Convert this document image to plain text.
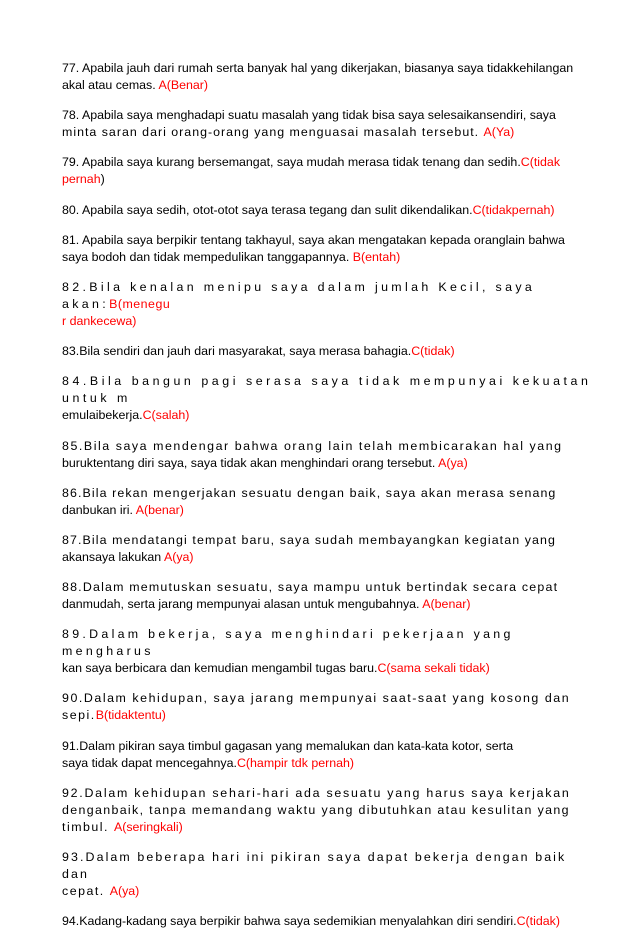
77. Apabila jauh dari rumah serta banyak hal yang dikerjakan, biasanya saya tidakkehilangan
akal atau cemas. A(Benar)
78. Apabila saya menghadapi suatu masalah yang tidak bisa saya selesaikansendiri, saya
minta saran dari orang-orang yang menguasai masalah tersebut. A(Ya)
79. Apabila saya kurang bersemangat, saya mudah merasa tidak tenang dan sedih.C(tidak
pernah)
80. Apabila saya sedih, otot-otot saya terasa tegang dan sulit dikendalikan.C(tidakpernah)
81. Apabila saya berpikir tentang takhayul, saya akan mengatakan kepada oranglain bahwa
saya bodoh dan tidak mempedulikan tanggapannya. B(entah)
82.Bila kenalan menipu saya dalam jumlah Kecil, saya akan:B(menegu
r dankecewa)
83.Bila sendiri dan jauh dari masyarakat, saya merasa bahagia.C(tidak)
84.Bila bangun pagi serasa saya tidak mempunyai kekuatan untuk m
emulaibekerja.C(salah)
85.Bila saya mendengar bahwa orang lain telah membicarakan hal yang
buruktentang diri saya, saya tidak akan menghindari orang tersebut. A(ya)
86.Bila rekan mengerjakan sesuatu dengan baik, saya akan merasa senang
danbukan iri. A(benar)
87.Bila mendatangi tempat baru, saya sudah membayangkan kegiatan yang
akansaya lakukan A(ya)
88.Dalam memutuskan sesuatu, saya mampu untuk bertindak secara cepat
danmudah, serta jarang mempunyai alasan untuk mengubahnya. A(benar)
89.Dalam bekerja, saya menghindari pekerjaan yang mengharus
kan saya berbicara dan kemudian mengambil tugas baru.C(sama sekali tidak)
90.Dalam kehidupan, saya jarang mempunyai saat-saat yang kosong dan
sepi.B(tidaktentu)
91.Dalam pikiran saya timbul gagasan yang memalukan dan kata-kata kotor, serta
saya tidak dapat mencegahnya.C(hampir tdk pernah)
92.Dalam kehidupan sehari-hari ada sesuatu yang harus saya kerjakan
denganbaik, tanpa memandang waktu yang dibutuhkan atau kesulitan yang
timbul. A(seringkali)
93.Dalam beberapa hari ini pikiran saya dapat bekerja dengan baik dan
cepat. A(ya)
94.Kadang-kadang saya berpikir bahwa saya sedemikian menyalahkan diri sendiri.C(tidak)
